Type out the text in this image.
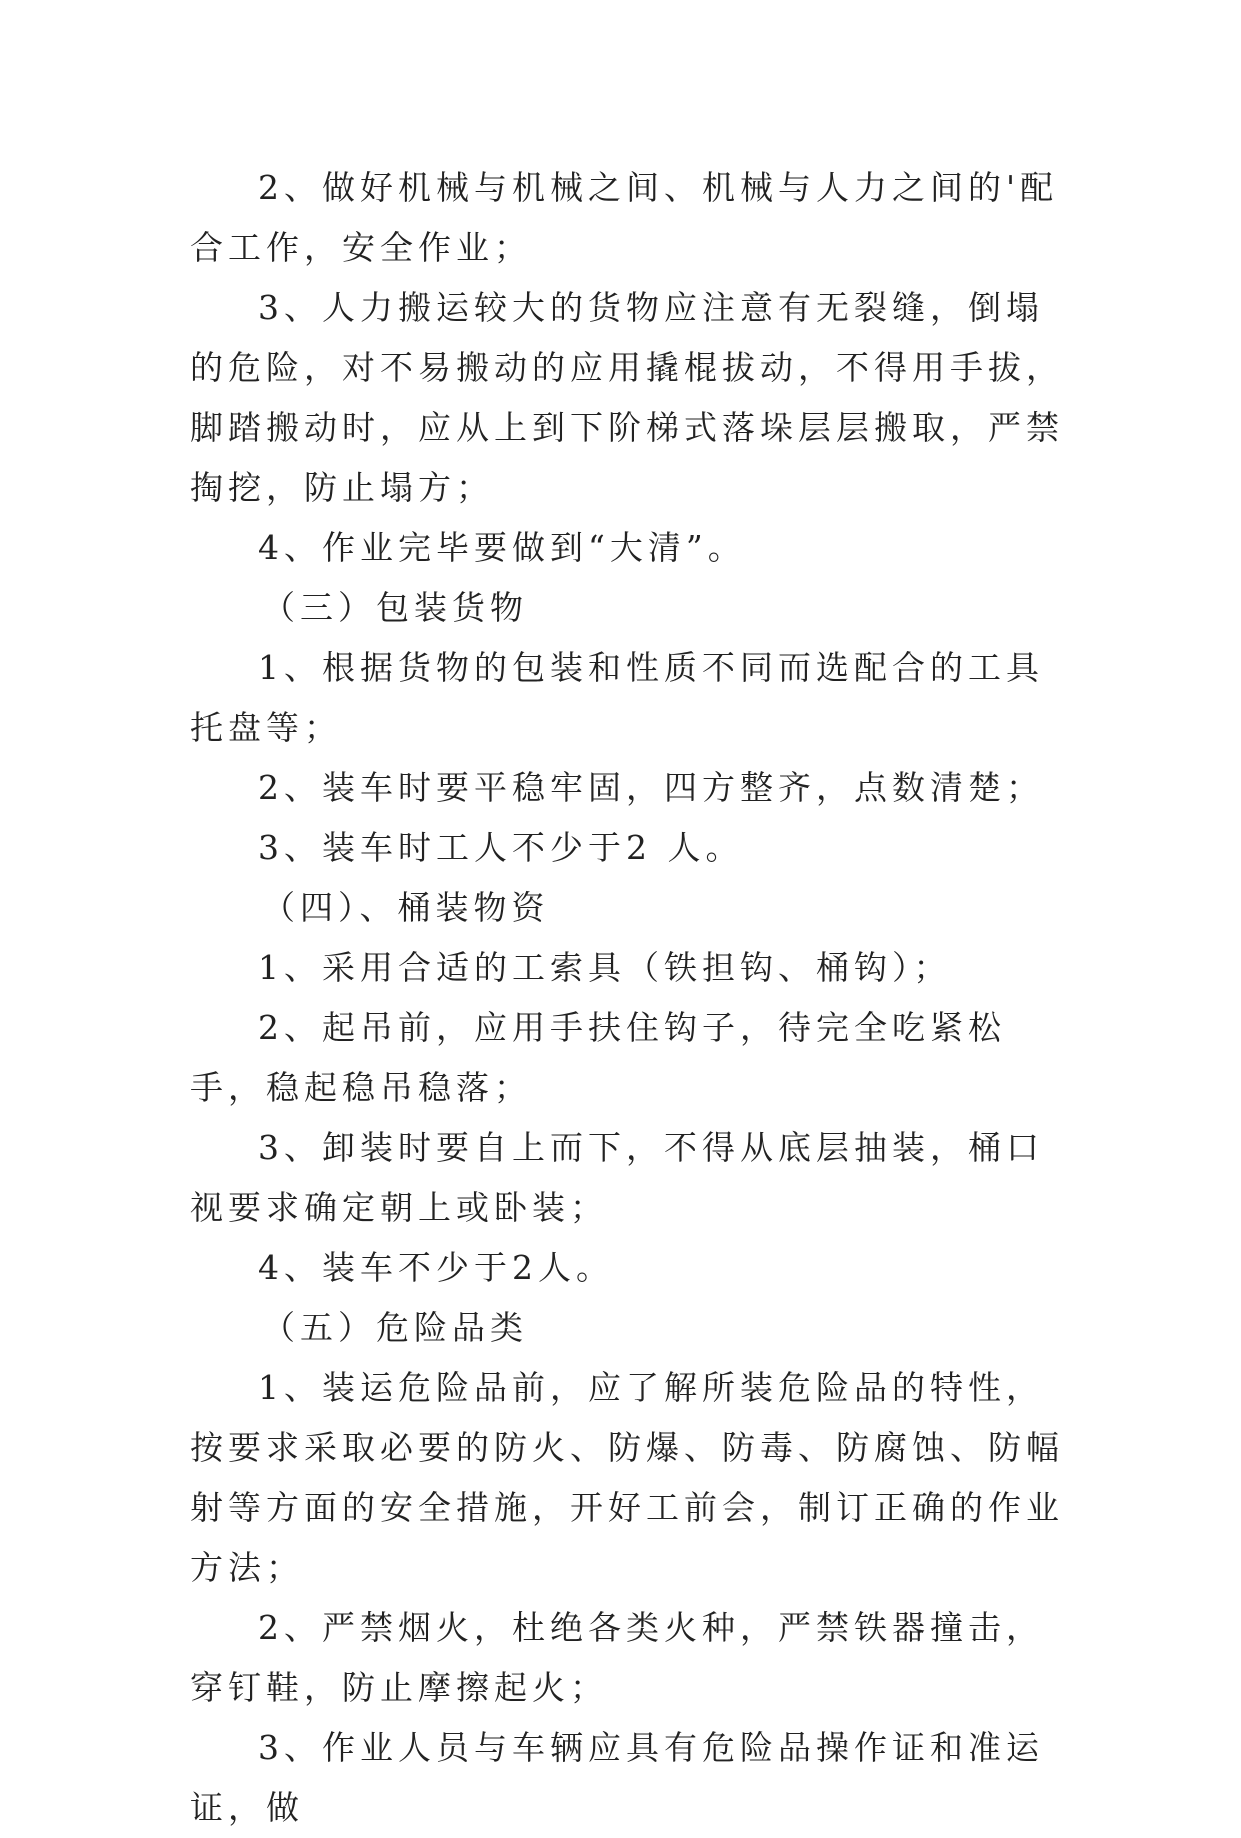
2、做好机械与机械之间、机械与人力之间的'配合工作，安全作业；

3、人力搬运较大的货物应注意有无裂缝，倒塌的危险，对不易搬动的应用撬棍拔动，不得用手拔，脚踏搬动时，应从上到下阶梯式落垛层层搬取，严禁掏挖，防止塌方；

4、作业完毕要做到“大清”。

（三）包装货物

1、根据货物的包装和性质不同而选配合的工具托盘等；

2、装车时要平稳牢固，四方整齐，点数清楚；

3、装车时工人不少于2 人。

（四）、桶装物资

1、采用合适的工索具（铁担钩、桶钩）；

2、起吊前，应用手扶住钩子，待完全吃紧松手，稳起稳吊稳落；

3、卸装时要自上而下，不得从底层抽装，桶口视要求确定朝上或卧装；

4、装车不少于2人。

（五）危险品类

1、装运危险品前，应了解所装危险品的特性，按要求采取必要的防火、防爆、防毒、防腐蚀、防幅射等方面的安全措施，开好工前会，制订正确的作业方法；

2、严禁烟火，杜绝各类火种，严禁铁器撞击，穿钉鞋，防止摩擦起火；

3、作业人员与车辆应具有危险品操作证和准运证，做
